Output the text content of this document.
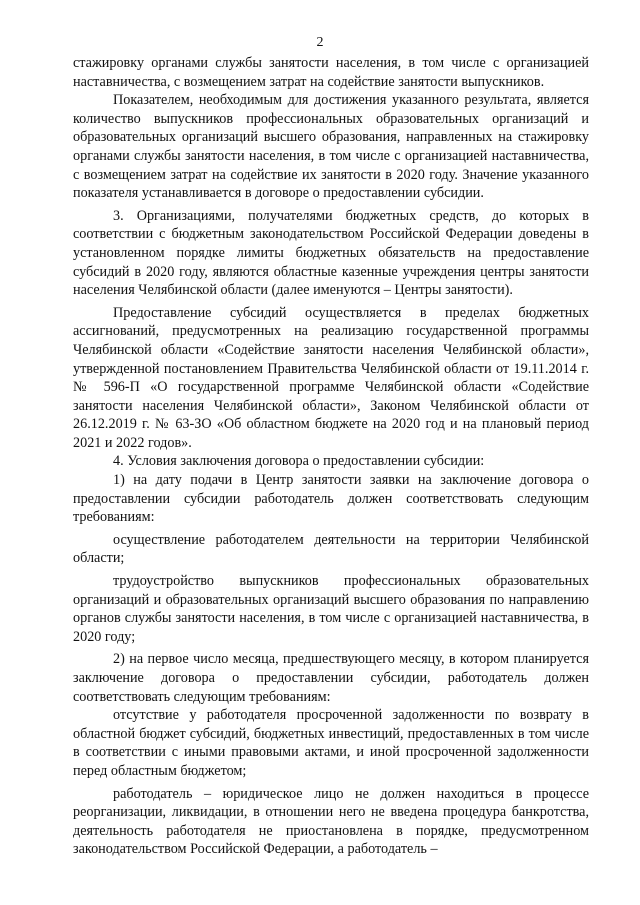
2

стажировку органами службы занятости населения, в том числе с организацией наставничества, с возмещением затрат на содействие занятости выпускников.

Показателем, необходимым для достижения указанного результата, является количество выпускников профессиональных образовательных организаций и образовательных организаций высшего образования, направленных на стажировку органами службы занятости населения, в том числе с организацией наставничества, с возмещением затрат на содействие их занятости в 2020 году. Значение указанного показателя устанавливается в договоре о предоставлении субсидии.

3. Организациями, получателями бюджетных средств, до которых в соответствии с бюджетным законодательством Российской Федерации доведены в установленном порядке лимиты бюджетных обязательств на предоставление субсидий в 2020 году, являются областные казенные учреждения центры занятости населения Челябинской области (далее именуются – Центры занятости).

Предоставление субсидий осуществляется в пределах бюджетных ассигнований, предусмотренных на реализацию государственной программы Челябинской области «Содействие занятости населения Челябинской области», утвержденной постановлением Правительства Челябинской области от 19.11.2014 г. № 596-П «О государственной программе Челябинской области «Содействие занятости населения Челябинской области», Законом Челябинской области от 26.12.2019 г. № 63-ЗО «Об областном бюджете на 2020 год и на плановый период 2021 и 2022 годов».

4. Условия заключения договора о предоставлении субсидии:

1) на дату подачи в Центр занятости заявки на заключение договора о предоставлении субсидии работодатель должен соответствовать следующим требованиям:

осуществление работодателем деятельности на территории Челябинской области;

трудоустройство выпускников профессиональных образовательных организаций и образовательных организаций высшего образования по направлению органов службы занятости населения, в том числе с организацией наставничества, в 2020 году;

2) на первое число месяца, предшествующего месяцу, в котором планируется заключение договора о предоставлении субсидии, работодатель должен соответствовать следующим требованиям:

отсутствие у работодателя просроченной задолженности по возврату в областной бюджет субсидий, бюджетных инвестиций, предоставленных в том числе в соответствии с иными правовыми актами, и иной просроченной задолженности перед областным бюджетом;

работодатель – юридическое лицо не должен находиться в процессе реорганизации, ликвидации, в отношении него не введена процедура банкротства, деятельность работодателя не приостановлена в порядке, предусмотренном законодательством Российской Федерации, а работодатель –
